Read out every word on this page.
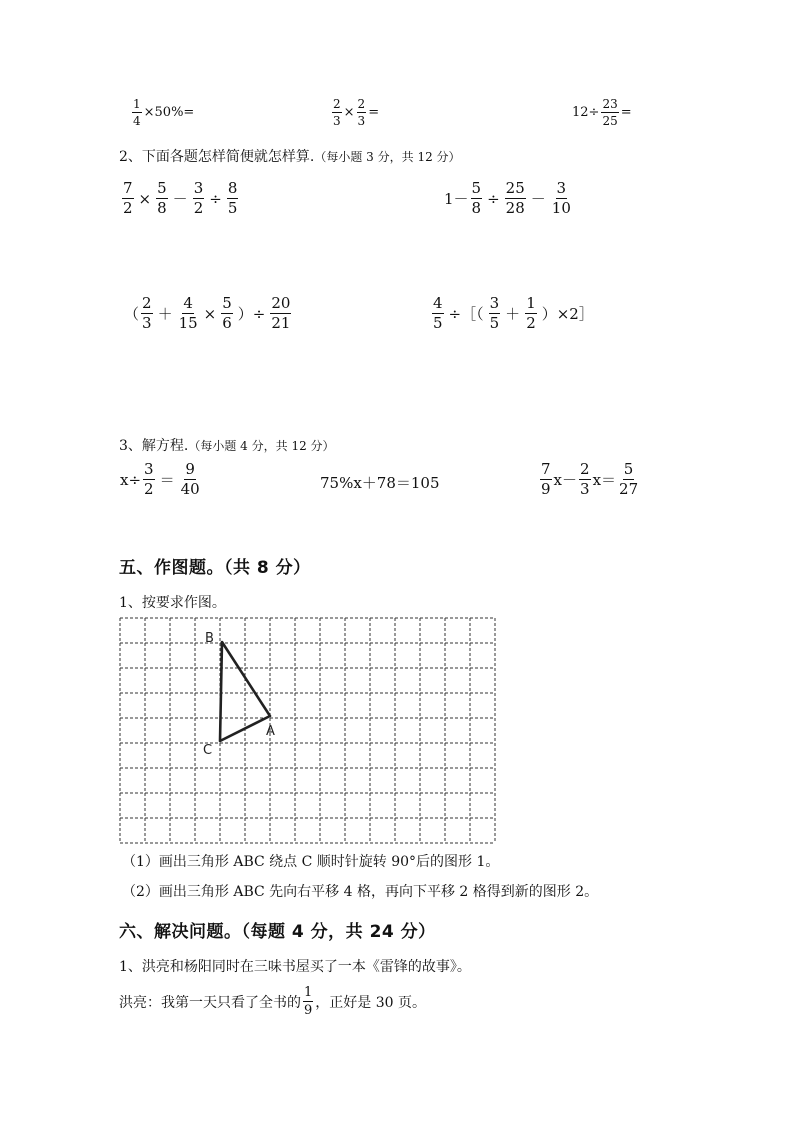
$\frac{1}{4} \times 50\%=$	$\frac{2}{3} \times \frac{2}{3}$ =	$12\div \frac{23}{25}$ =
2、下面各题怎样简便就怎样算.（每小题 3 分，共 12 分）
$\frac{7}{2} \times \frac{5}{8} - \frac{3}{2} \div \frac{8}{5}$	$1- \frac{5}{8} \div \frac{25}{28} - \frac{3}{10}$
（ $\frac{2}{3} + \frac{4}{15} \times \frac{5}{6}$ ）÷ $\frac{20}{21}$	$\frac{4}{5}$ ÷［（ $\frac{3}{5} + \frac{1}{2}$ ）×2］
3、解方程.（每小题 4 分，共 12 分）
$x\div \frac{3}{2} = \frac{9}{40}$	75%x＋78＝105	$\frac{7}{9} x- \frac{2}{3} x= \frac{5}{27}$
五、作图题。（共 8 分）
1、按要求作图。
B
A
C
（1）画出三角形 ABC 绕点 C 顺时针旋转 90°后的图形 1。
（2）画出三角形 ABC 先向右平移 4 格，再向下平移 2 格得到新的图形 2。
六、解决问题。（每题 4 分，共 24 分）
1、洪亮和杨阳同时在三味书屋买了一本《雷锋的故事》。
洪亮：我第一天只看了全书的 $\frac{1}{9}$ ，正好是 30 页。
